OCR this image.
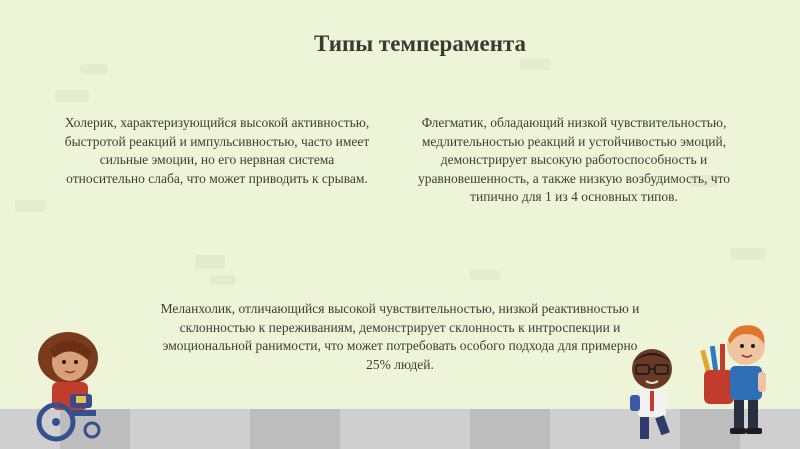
Типы темперамента
Холерик, характеризующийся высокой активностью, быстротой реакций и импульсивностью, часто имеет сильные эмоции, но его нервная система относительно слаба, что может приводить к срывам.
Флегматик, обладающий низкой чувствительностью, медлительностью реакций и устойчивостью эмоций, демонстрирует высокую работоспособность и уравновешенность, а также низкую возбудимость, что типично для 1 из 4 основных типов.
Меланхолик, отличающийся высокой чувствительностью, низкой реактивностью и склонностью к переживаниям, демонстрирует склонность к интроспекции и эмоциональной ранимости, что может потребовать особого подхода для примерно 25% людей.
